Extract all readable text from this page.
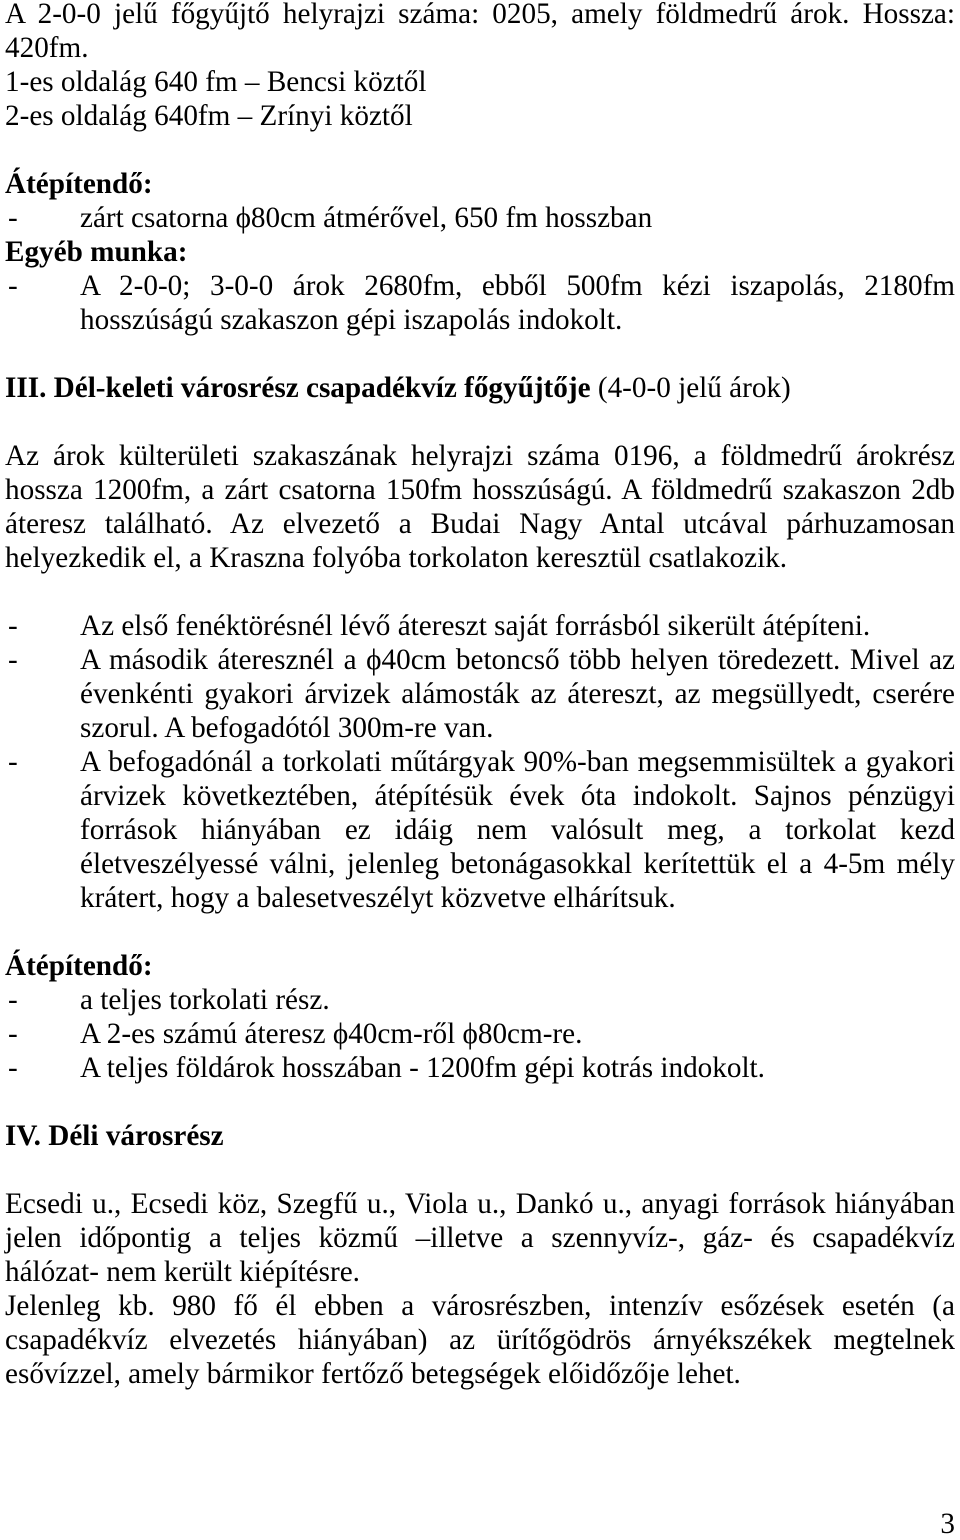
A 2-0-0 jelű főgyűjtő helyrajzi száma: 0205, amely földmedrű árok. Hossza:
420fm.
1-es oldalág 640 fm – Bencsi köztől
2-es oldalág 640fm – Zrínyi köztől
Átépítendő:
- zárt csatorna ϕ80cm átmérővel, 650 fm hosszban
Egyéb munka:
- A 2-0-0; 3-0-0 árok 2680fm, ebből 500fm kézi iszapolás, 2180fm
hosszúságú szakaszon gépi iszapolás indokolt.
III. Dél-keleti városrész csapadékvíz főgyűjtője (4-0-0 jelű árok)
Az árok külterületi szakaszának helyrajzi száma 0196, a földmedrű árokrész
hossza 1200fm, a zárt csatorna 150fm hosszúságú. A földmedrű szakaszon 2db
áteresz található. Az elvezető a Budai Nagy Antal utcával párhuzamosan
helyezkedik el, a Kraszna folyóba torkolaton keresztül csatlakozik.
- Az első fenéktörésnél lévő átereszt saját forrásból sikerült átépíteni.
- A második áteresznél a ϕ40cm betoncső több helyen töredezett. Mivel az
évenkénti gyakori árvizek alámosták az átereszt, az megsüllyedt, cserére
szorul. A befogadótól 300m-re van.
- A befogadónál a torkolati műtárgyak 90%-ban megsemmisültek a gyakori
árvizek következtében, átépítésük évek óta indokolt. Sajnos pénzügyi
források hiányában ez idáig nem valósult meg, a torkolat kezd
életveszélyessé válni, jelenleg betonágasokkal kerítettük el a 4-5m mély
krátert, hogy a balesetveszélyt közvetve elhárítsuk.
Átépítendő:
- a teljes torkolati rész.
- A 2-es számú áteresz ϕ40cm-ről ϕ80cm-re.
- A teljes földárok hosszában - 1200fm gépi kotrás indokolt.
IV. Déli városrész
Ecsedi u., Ecsedi köz, Szegfű u., Viola u., Dankó u., anyagi források hiányában
jelen időpontig a teljes közmű –illetve a szennyvíz-, gáz- és csapadékvíz
hálózat- nem került kiépítésre.
Jelenleg kb. 980 fő él ebben a városrészben, intenzív esőzések esetén (a
csapadékvíz elvezetés hiányában) az ürítőgödrös árnyékszékek megtelnek
esővízzel, amely bármikor fertőző betegségek előidőzője lehet.
3
